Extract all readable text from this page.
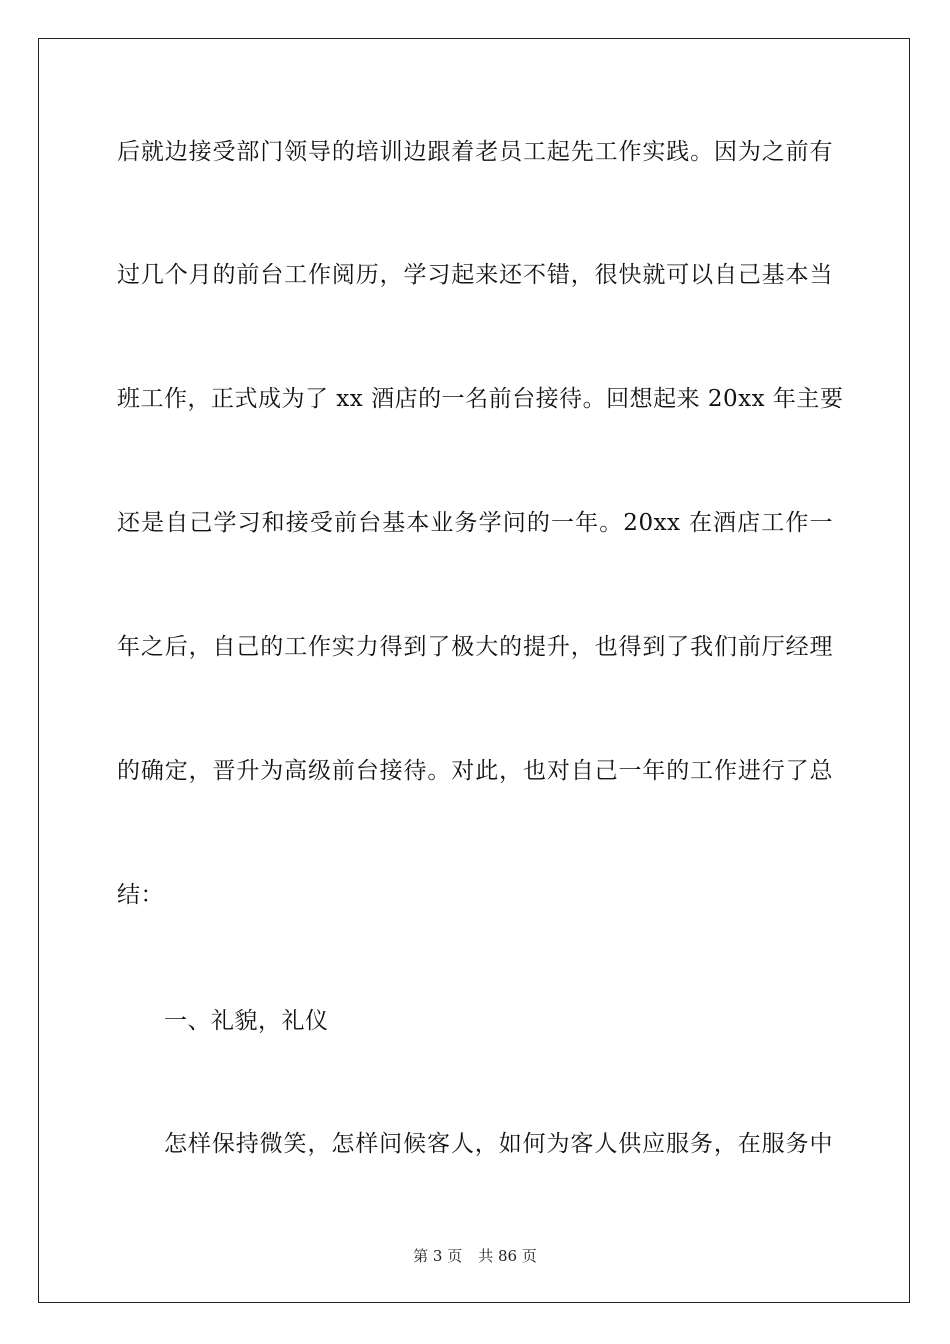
后就边接受部门领导的培训边跟着老员工起先工作实践。因为之前有
过几个月的前台工作阅历，学习起来还不错，很快就可以自己基本当
班工作，正式成为了 xx 酒店的一名前台接待。回想起来 20xx 年主要
还是自己学习和接受前台基本业务学问的一年。20xx 在酒店工作一
年之后，自己的工作实力得到了极大的提升，也得到了我们前厅经理
的确定，晋升为高级前台接待。对此，也对自己一年的工作进行了总
结：
一、礼貌，礼仪
怎样保持微笑，怎样问候客人，如何为客人供应服务，在服务中
第 3 页 共 86 页
